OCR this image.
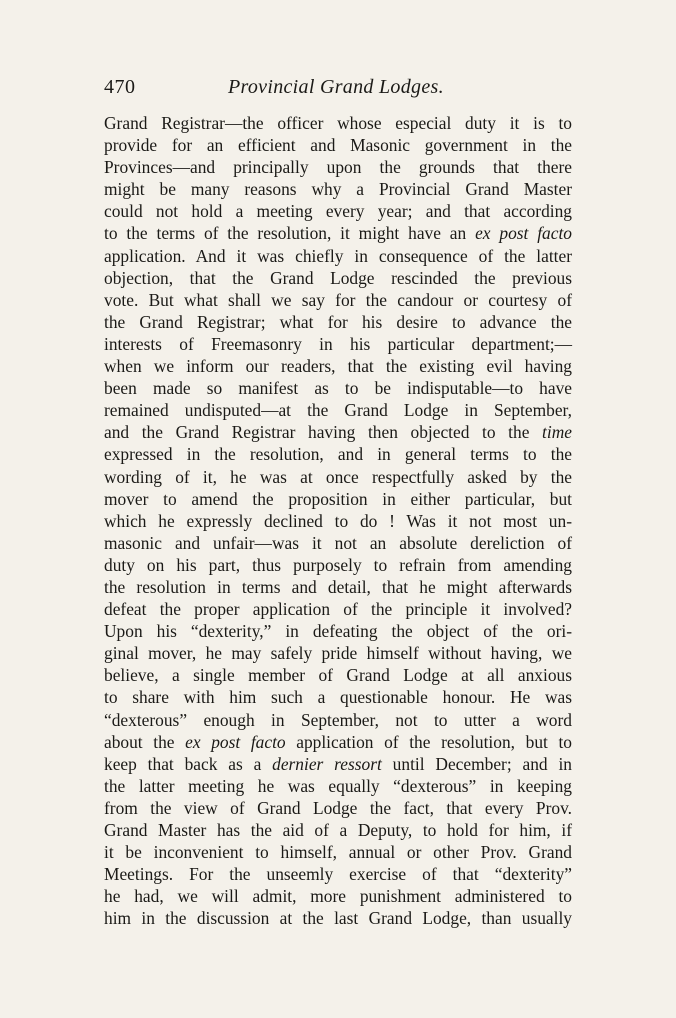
470	Provincial Grand Lodges.
Grand Registrar—the officer whose especial duty it is to
provide for an efficient and Masonic government in the
Provinces—and principally upon the grounds that there
might be many reasons why a Provincial Grand Master
could not hold a meeting every year; and that according
to the terms of the resolution, it might have an ex post facto
application. And it was chiefly in consequence of the latter
objection, that the Grand Lodge rescinded the previous
vote. But what shall we say for the candour or courtesy of
the Grand Registrar; what for his desire to advance the
interests of Freemasonry in his particular department;—
when we inform our readers, that the existing evil having
been made so manifest as to be indisputable—to have
remained undisputed—at the Grand Lodge in September,
and the Grand Registrar having then objected to the time
expressed in the resolution, and in general terms to the
wording of it, he was at once respectfully asked by the
mover to amend the proposition in either particular, but
which he expressly declined to do ! Was it not most un-
masonic and unfair—was it not an absolute dereliction of
duty on his part, thus purposely to refrain from amending
the resolution in terms and detail, that he might afterwards
defeat the proper application of the principle it involved?
Upon his “dexterity,” in defeating the object of the ori-
ginal mover, he may safely pride himself without having, we
believe, a single member of Grand Lodge at all anxious
to share with him such a questionable honour. He was
“dexterous” enough in September, not to utter a word
about the ex post facto application of the resolution, but to
keep that back as a dernier ressort until December; and in
the latter meeting he was equally “dexterous” in keeping
from the view of Grand Lodge the fact, that every Prov.
Grand Master has the aid of a Deputy, to hold for him, if
it be inconvenient to himself, annual or other Prov. Grand
Meetings. For the unseemly exercise of that “dexterity”
he had, we will admit, more punishment administered to
him in the discussion at the last Grand Lodge, than usually
